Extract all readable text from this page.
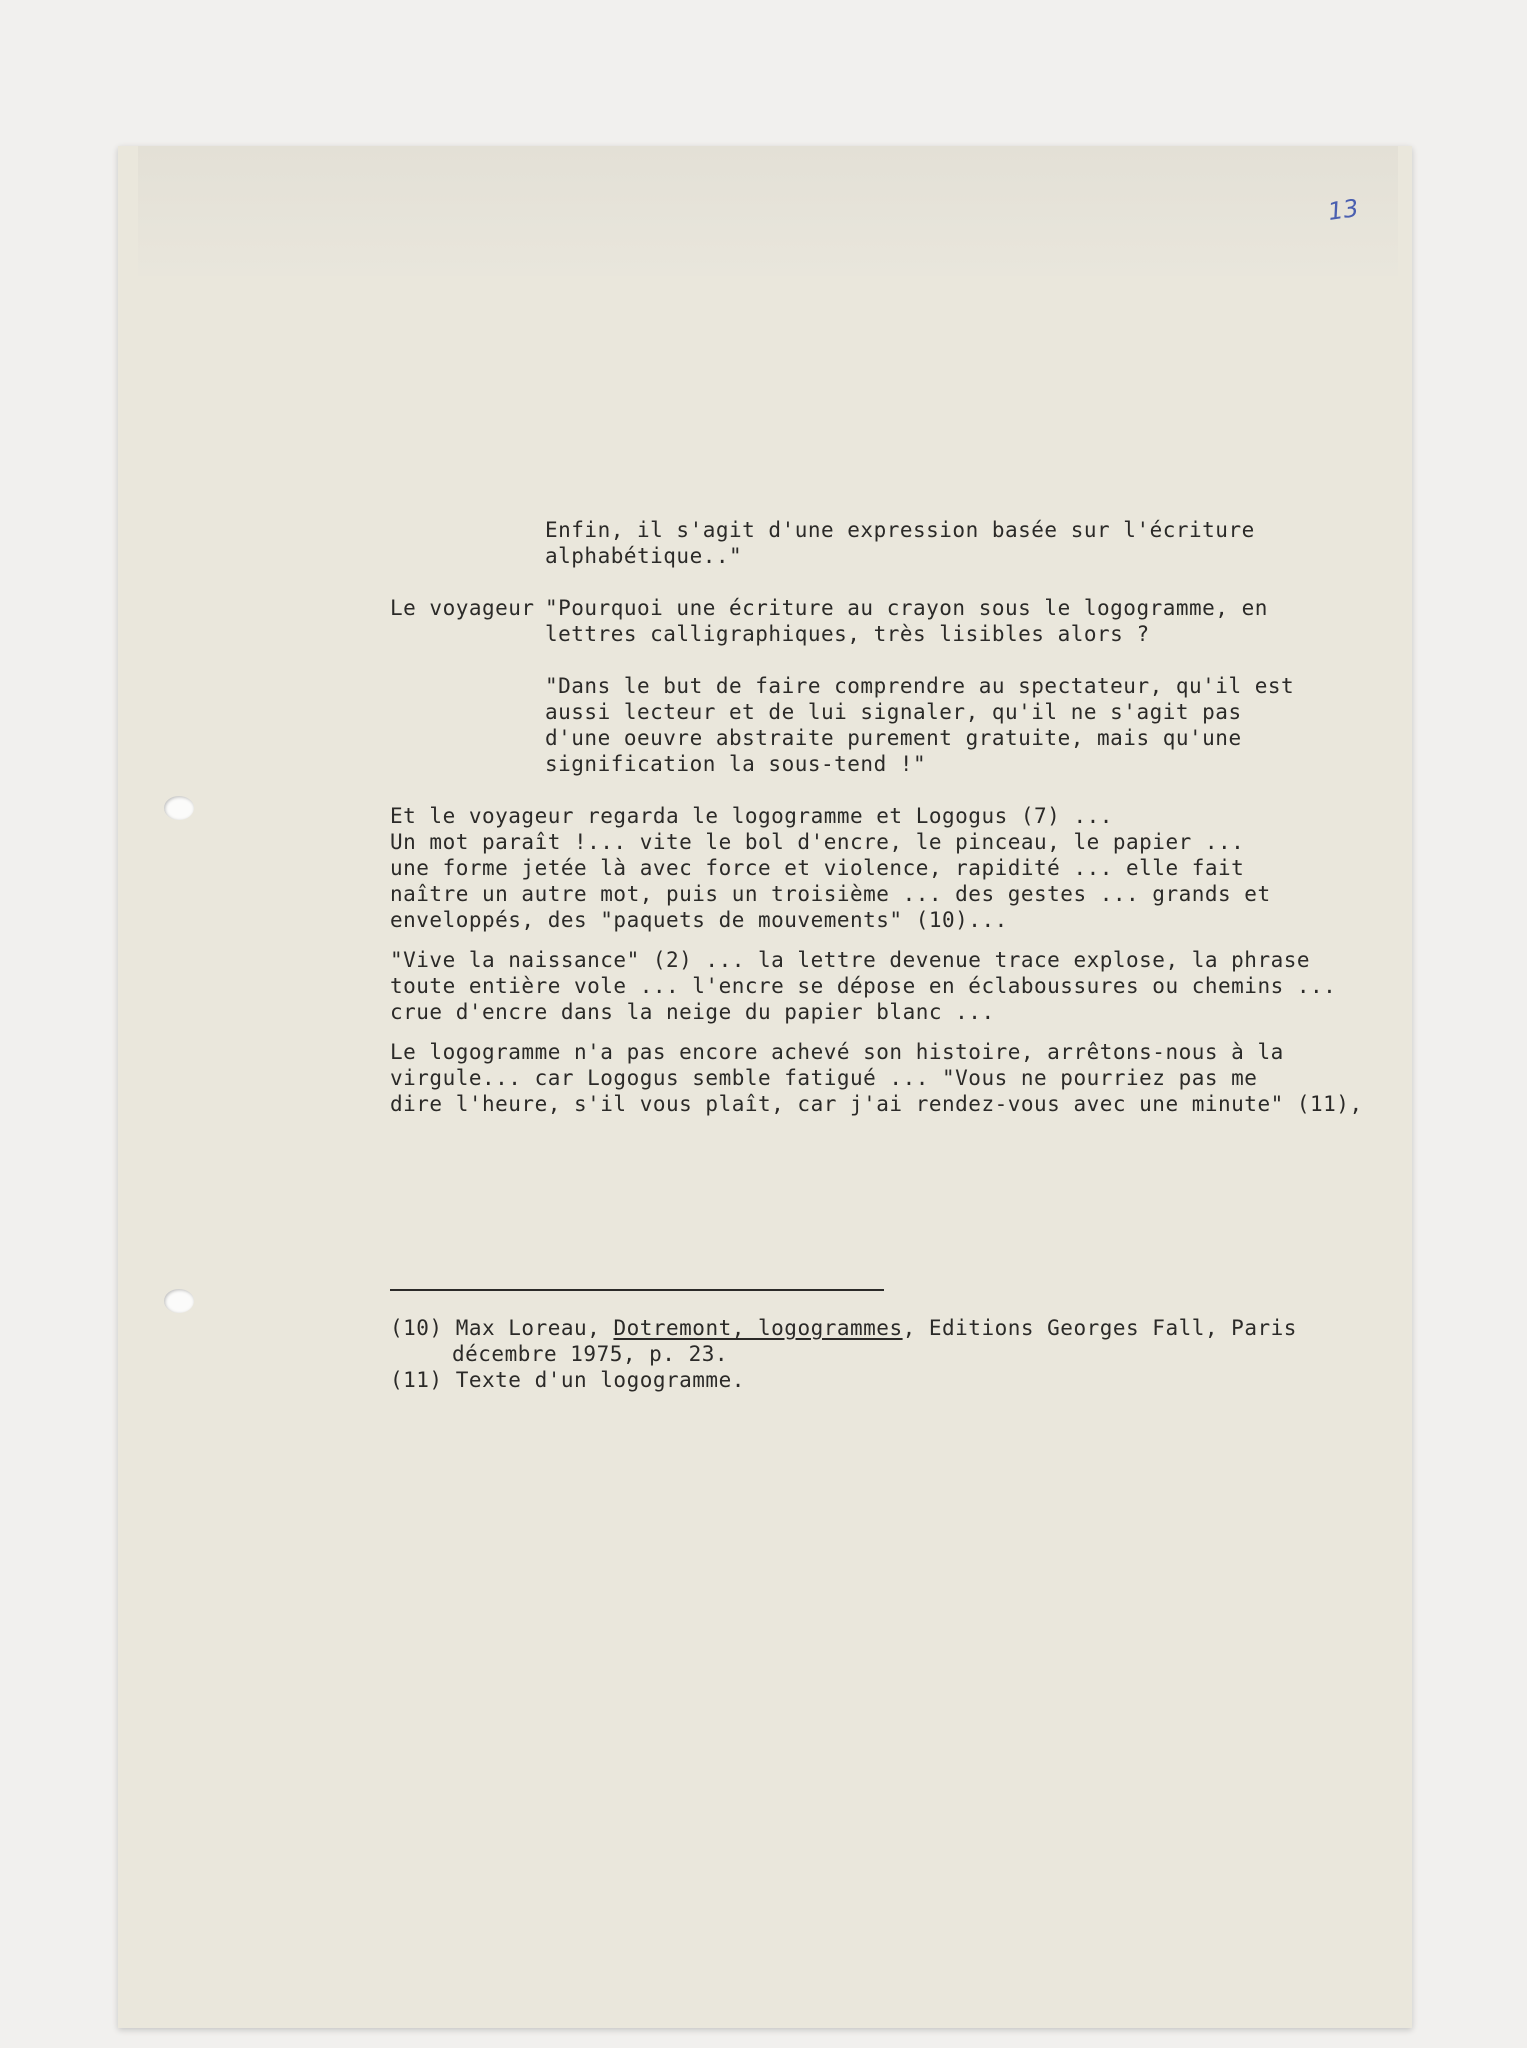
13
Enfin, il s'agit d'une expression basée sur l'écriture
alphabétique.."
Le voyageur "Pourquoi une écriture au crayon sous le logogramme, en
lettres calligraphiques, très lisibles alors ?
"Dans le but de faire comprendre au spectateur, qu'il est
aussi lecteur et de lui signaler, qu'il ne s'agit pas
d'une oeuvre abstraite purement gratuite, mais qu'une
signification la sous-tend !"
Et le voyageur regarda le logogramme et Logogus (7) ...
Un mot paraît !... vite le bol d'encre, le pinceau, le papier ...
une forme jetée là avec force et violence, rapidité ... elle fait
naître un autre mot, puis un troisième ... des gestes ... grands et
enveloppés, des "paquets de mouvements" (10)...
"Vive la naissance" (2) ... la lettre devenue trace explose, la phrase
toute entière vole ... l'encre se dépose en éclaboussures ou chemins ...
crue d'encre dans la neige du papier blanc ...
Le logogramme n'a pas encore achevé son histoire, arrêtons-nous à la
virgule... car Logogus semble fatigué ... "Vous ne pourriez pas me
dire l'heure, s'il vous plaît, car j'ai rendez-vous avec une minute" (11),
(10) Max Loreau, Dotremont, logogrammes, Editions Georges Fall, Paris
décembre 1975, p. 23.
(11) Texte d'un logogramme.
